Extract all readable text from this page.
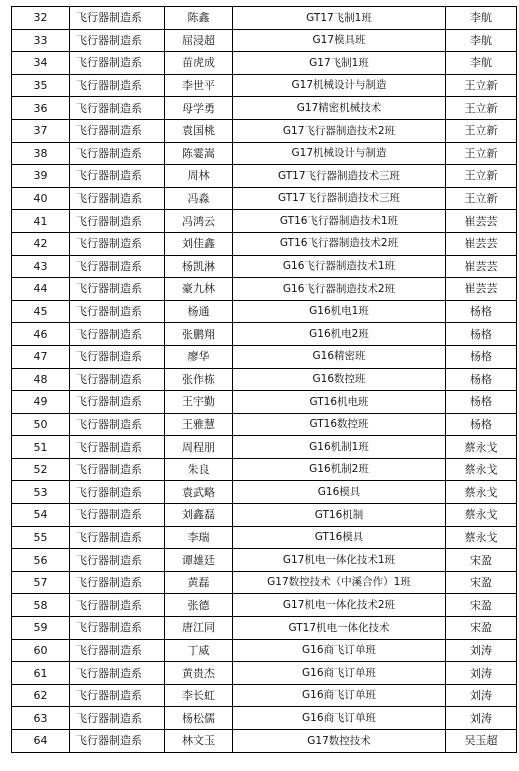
32	飞行器制造系	陈鑫	GT17飞制1班	李航
33	飞行器制造系	屈浸超	G17模具班	李航
34	飞行器制造系	苗虎成	G17飞制1班	李航
35	飞行器制造系	李世平	G17机械设计与制造	王立新
36	飞行器制造系	母学勇	G17精密机械技术	王立新
37	飞行器制造系	袁国桃	G17飞行器制造技术2班	王立新
38	飞行器制造系	陈霎嵩	G17机械设计与制造	王立新
39	飞行器制造系	周林	GT17飞行器制造技术三班	王立新
40	飞行器制造系	冯淼	GT17飞行器制造技术三班	王立新
41	飞行器制造系	冯鸿云	GT16飞行器制造技术1班	崔芸芸
42	飞行器制造系	刘佳鑫	GT16飞行器制造技术2班	崔芸芸
43	飞行器制造系	杨凯淋	G16飞行器制造技术1班	崔芸芸
44	飞行器制造系	豪九林	G16飞行器制造技术2班	崔芸芸
45	飞行器制造系	杨通	G16机电1班	杨格
46	飞行器制造系	张鹏翔	G16机电2班	杨格
47	飞行器制造系	廖华	G16精密班	杨格
48	飞行器制造系	张作栋	G16数控班	杨格
49	飞行器制造系	王宇勤	GT16机电班	杨格
50	飞行器制造系	王雅慧	GT16数控班	杨格
51	飞行器制造系	周程朋	G16机制1班	蔡永戈
52	飞行器制造系	朱良	G16机制2班	蔡永戈
53	飞行器制造系	袁武略	G16模具	蔡永戈
54	飞行器制造系	刘鑫磊	GT16机制	蔡永戈
55	飞行器制造系	李瑞	GT16模具	蔡永戈
56	飞行器制造系	谭雄廷	G17机电一体化技术1班	宋盈
57	飞行器制造系	黄磊	G17数控技术（中溪合作）1班	宋盈
58	飞行器制造系	张德	G17机电一体化技术2班	宋盈
59	飞行器制造系	唐江同	GT17机电一体化技术	宋盈
60	飞行器制造系	丁威	G16商飞订单班	刘涛
61	飞行器制造系	黄贵杰	G16商飞订单班	刘涛
62	飞行器制造系	李长虹	G16商飞订单班	刘涛
63	飞行器制造系	杨松儒	G16商飞订单班	刘涛
64	飞行器制造系	林文玉	G17数控技术	吴玉超
